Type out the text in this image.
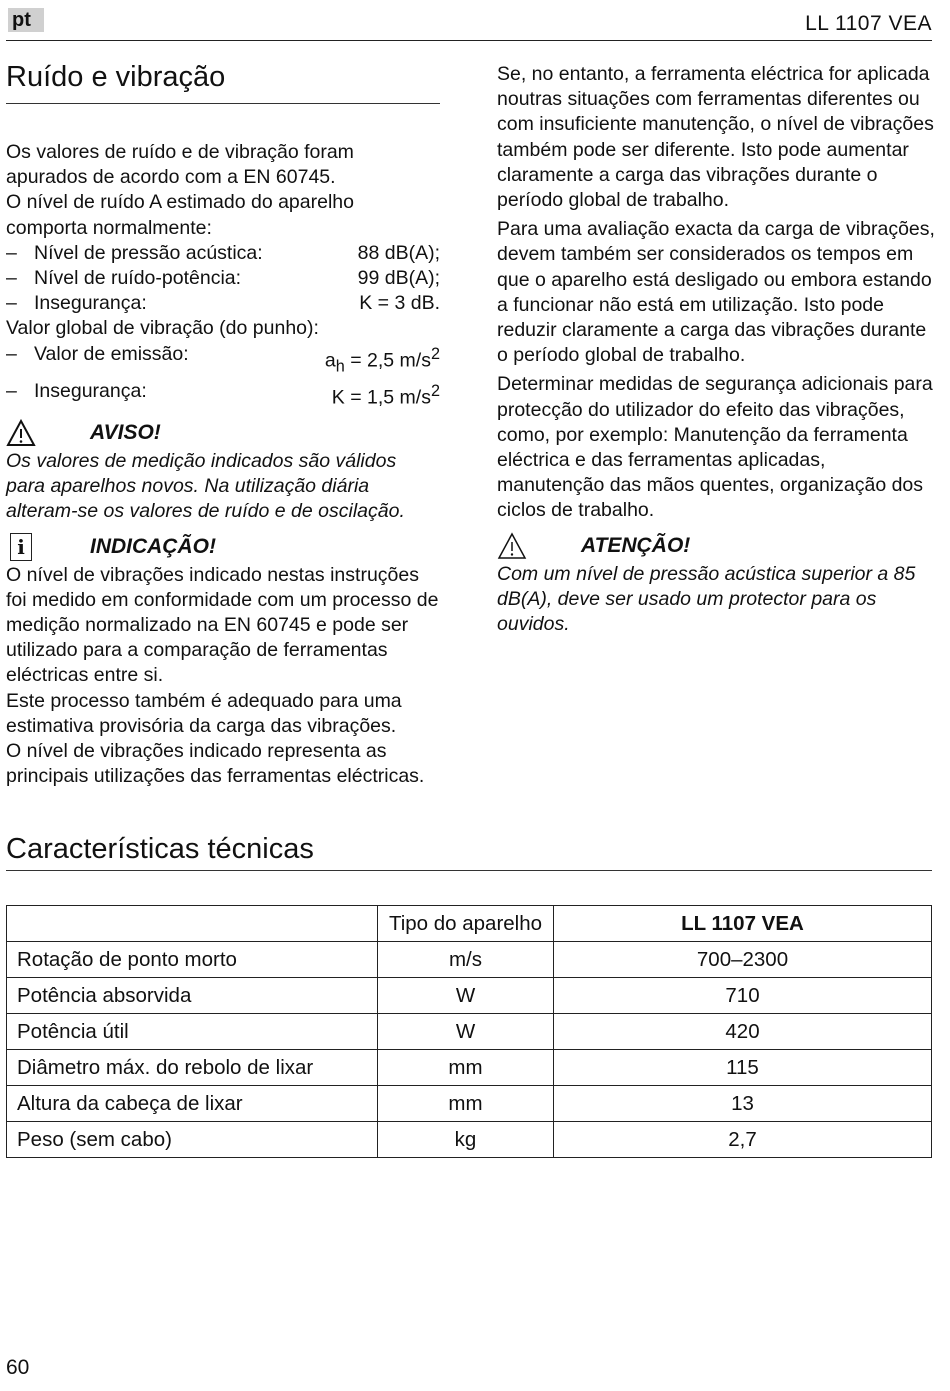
pt	LL 1107 VEA
Ruído e vibração

Os valores de ruído e de vibração foram apurados de acordo com a EN 60745.

O nível de ruído A estimado do aparelho comporta normalmente:

– Nível de pressão acústica:	88 dB(A);
– Nível de ruído-potência:	99 dB(A);
– Insegurança:	K = 3 dB.

Valor global de vibração (do punho):

– Valor de emissão:	$a_h = 2,5$ $m/s^2$
– Insegurança:	K = 1,5 $m/s^2$
AVISO!

Os valores de medição indicados são válidos para aparelhos novos. Na utilização diária alteram-se os valores de ruído e de oscilação.

i	INDICAÇÃO!

O nível de vibrações indicado nestas instruções foi medido em conformidade com um processo de medição normalizado na EN 60745 e pode ser utilizado para a comparação de ferramentas eléctricas entre si.

Este processo também é adequado para uma estimativa provisória da carga das vibrações.

O nível de vibrações indicado representa as principais utilizações das ferramentas eléctricas.

Se, no entanto, a ferramenta eléctrica for aplicada noutras situações com ferramentas diferentes ou com insuficiente manutenção, o nível de vibrações também pode ser diferente. Isto pode aumentar claramente a carga das vibrações durante o período global de trabalho.

Para uma avaliação exacta da carga de vibrações, devem também ser considerados os tempos em que o aparelho está desligado ou embora estando a funcionar não está em utilização. Isto pode reduzir claramente a carga das vibrações durante o período global de trabalho.

Determinar medidas de segurança adicionais para protecção do utilizador do efeito das vibrações, como, por exemplo: Manutenção da ferramenta eléctrica e das ferramentas aplicadas, manutenção das mãos quentes, organização dos ciclos de trabalho.

ATENÇÃO!

Com um nível de pressão acústica superior a 85 dB(A), deve ser usado um protector para os ouvidos.

Características técnicas
	Tipo do aparelho	LL 1107 VEA
Rotação de ponto morto	m/s	700–2300
Potência absorvida	W	710
Potência útil	W	420
Diâmetro máx. do rebolo de lixar	mm	115
Altura da cabeça de lixar	mm	13
Peso (sem cabo)	kg	2,7
60
